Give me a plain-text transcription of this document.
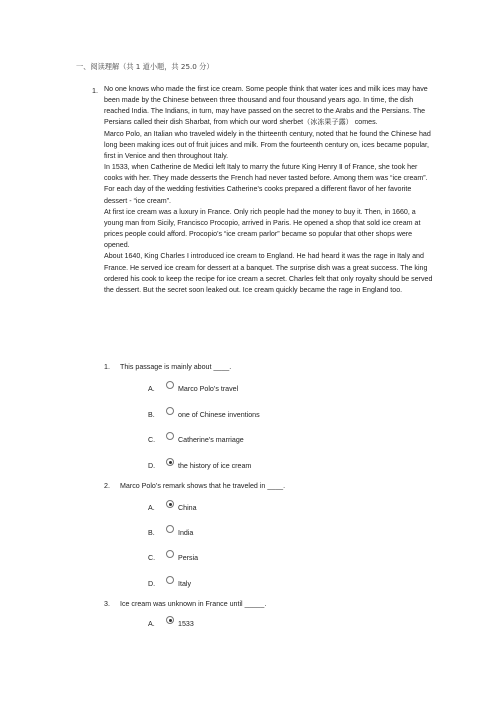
一、阅读理解（共 1 道小题，共 25.0 分）
1. No one knows who made the first ice cream. Some people think that water ices and milk ices may have been made by the Chinese between three thousand and four thousand years ago. In time, the dish reached India. The Indians, in turn, may have passed on the secret to the Arabs and the Persians. The Persians called their dish Sharbat, from which our word sherbet（冰冻果子露） comes.

Marco Polo, an Italian who traveled widely in the thirteenth century, noted that he found the Chinese had long been making ices out of fruit juices and milk. From the fourteenth century on, ices became popular, first in Venice and then throughout Italy.

In 1533, when Catherine de Medici left Italy to marry the future King Henry Ⅱ of France, she took her cooks with her. They made desserts the French had never tasted before. Among them was “ice cream”. For each day of the wedding festivities Catherine’s cooks prepared a different flavor of her favorite dessert - “ice cream”.

At first ice cream was a luxury in France. Only rich people had the money to buy it. Then, in 1660, a young man from Sicily, Francisco Procopio, arrived in Paris. He opened a shop that sold ice cream at prices people could afford. Procopio’s “ice cream parlor” became so popular that other shops were opened.

About 1640, King Charles Ⅰ introduced ice cream to England. He had heard it was the rage in Italy and France. He served ice cream for dessert at a banquet. The surprise dish was a great success. The king ordered his cook to keep the recipe for ice cream a secret. Charles felt that only royalty should be served the dessert. But the secret soon leaked out. Ice cream quickly became the rage in England too.

1.	This passage is mainly about ____.
A.	Marco Polo’s travel
B.	one of Chinese inventions
C.	Catherine’s marriage
D.	the history of ice cream
2.	Marco Polo’s remark shows that he traveled in ____.
A.	China
B.	India
C.	Persia
D.	Italy
3.	Ice cream was unknown in France until _____.
A.	1533
